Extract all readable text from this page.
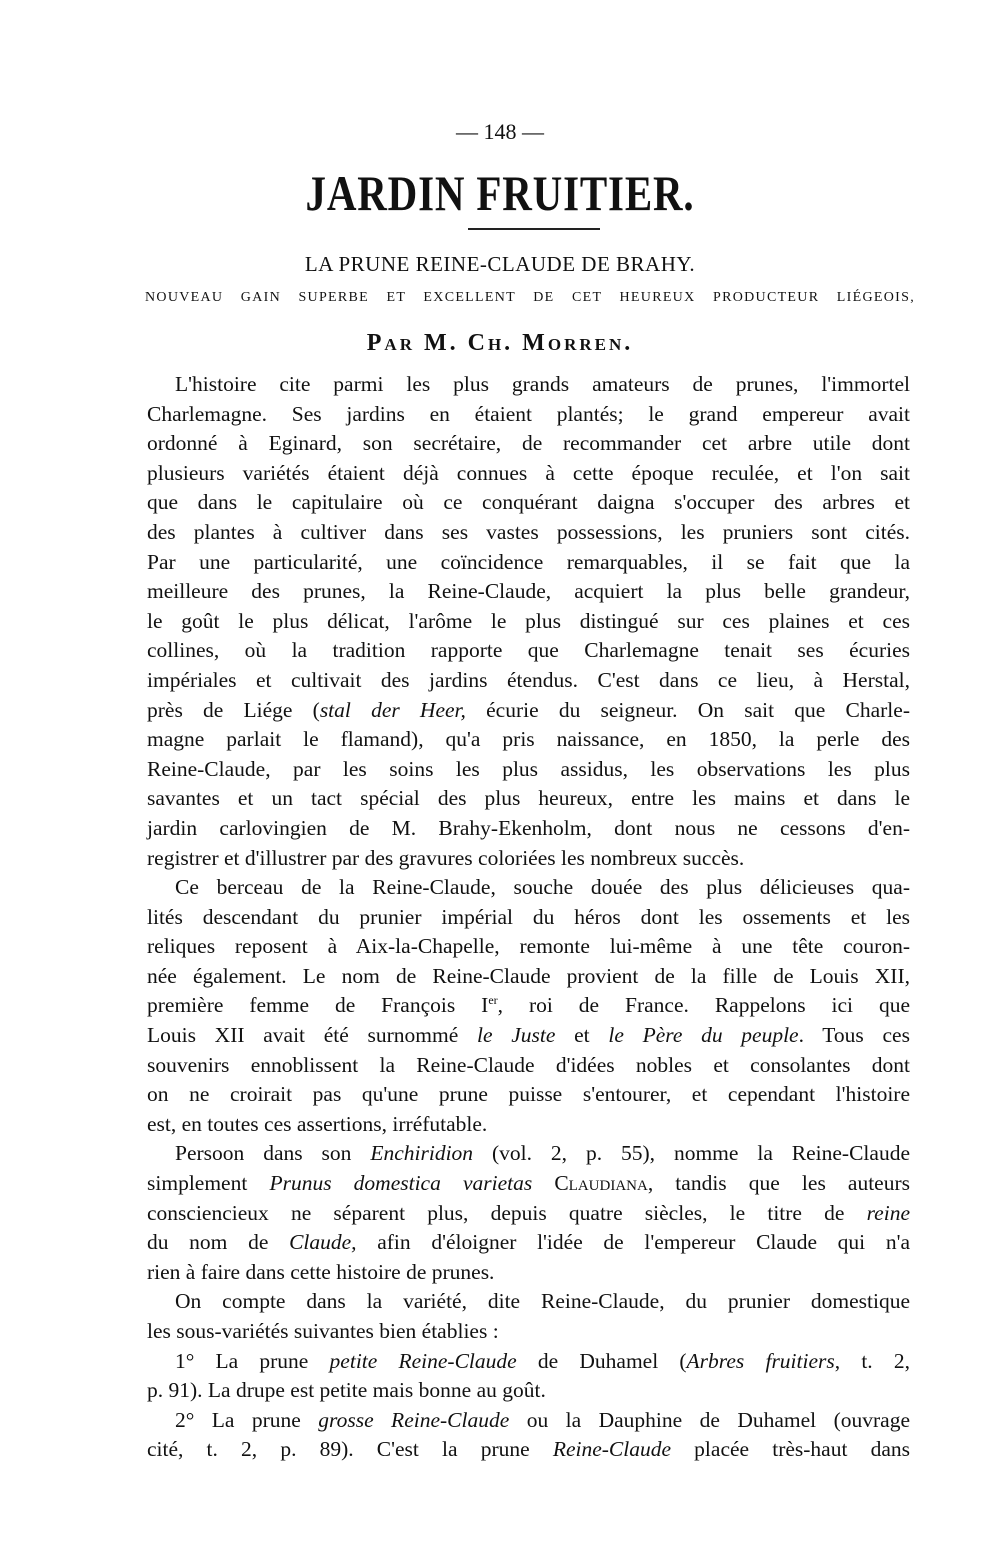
— 148 —
JARDIN FRUITIER.
LA PRUNE REINE-CLAUDE DE BRAHY.
NOUVEAU GAIN SUPERBE ET EXCELLENT DE CET HEUREUX PRODUCTEUR LIÉGEOIS,
Par M. Ch. Morren.
L'histoire cite parmi les plus grands amateurs de prunes, l'immortel
Charlemagne. Ses jardins en étaient plantés; le grand empereur avait
ordonné à Eginard, son secrétaire, de recommander cet arbre utile dont
plusieurs variétés étaient déjà connues à cette époque reculée, et l'on sait
que dans le capitulaire où ce conquérant daigna s'occuper des arbres et
des plantes à cultiver dans ses vastes possessions, les pruniers sont cités.
Par une particularité, une coïncidence remarquables, il se fait que la
meilleure des prunes, la Reine-Claude, acquiert la plus belle grandeur,
le goût le plus délicat, l'arôme le plus distingué sur ces plaines et ces
collines, où la tradition rapporte que Charlemagne tenait ses écuries
impériales et cultivait des jardins étendus. C'est dans ce lieu, à Herstal,
près de Liége (stal der Heer, écurie du seigneur. On sait que Charle-
magne parlait le flamand), qu'a pris naissance, en 1850, la perle des
Reine-Claude, par les soins les plus assidus, les observations les plus
savantes et un tact spécial des plus heureux, entre les mains et dans le
jardin carlovingien de M. Brahy-Ekenholm, dont nous ne cessons d'en-
registrer et d'illustrer par des gravures coloriées les nombreux succès.
Ce berceau de la Reine-Claude, souche douée des plus délicieuses qua-
lités descendant du prunier impérial du héros dont les ossements et les
reliques reposent à Aix-la-Chapelle, remonte lui-même à une tête couron-
née également. Le nom de Reine-Claude provient de la fille de Louis XII,
première femme de François Ier, roi de France. Rappelons ici que
Louis XII avait été surnommé le Juste et le Père du peuple. Tous ces
souvenirs ennoblissent la Reine-Claude d'idées nobles et consolantes dont
on ne croirait pas qu'une prune puisse s'entourer, et cependant l'histoire
est, en toutes ces assertions, irréfutable.
Persoon dans son Enchiridion (vol. 2, p. 55), nomme la Reine-Claude
simplement Prunus domestica varietas Claudiana, tandis que les auteurs
consciencieux ne séparent plus, depuis quatre siècles, le titre de reine
du nom de Claude, afin d'éloigner l'idée de l'empereur Claude qui n'a
rien à faire dans cette histoire de prunes.
On compte dans la variété, dite Reine-Claude, du prunier domestique
les sous-variétés suivantes bien établies :
1° La prune petite Reine-Claude de Duhamel (Arbres fruitiers, t. 2,
p. 91). La drupe est petite mais bonne au goût.
2° La prune grosse Reine-Claude ou la Dauphine de Duhamel (ouvrage
cité, t. 2, p. 89). C'est la prune Reine-Claude placée très-haut dans
